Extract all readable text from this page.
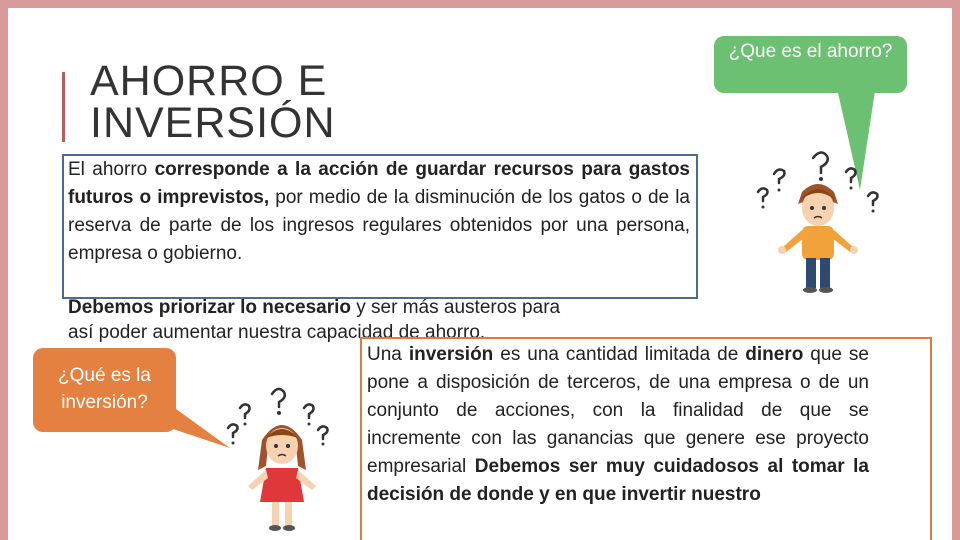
AHORRO E
INVERSIÓN
¿Que es el ahorro?
El ahorro corresponde a la acción de guardar recursos para gastos futuros o imprevistos, por medio de la disminución de los gatos o de la reserva de parte de los ingresos regulares obtenidos por una persona, empresa o gobierno.
Debemos priorizar lo necesario y ser más austeros para
así poder aumentar nuestra capacidad de ahorro.
¿Qué es la inversión?
Una inversión es una cantidad limitada de dinero que se pone a disposición de terceros, de una empresa o de un conjunto de acciones, con la finalidad de que se incremente con las ganancias que genere ese proyecto empresarial Debemos ser muy cuidadosos al tomar la decisión de donde y en que invertir nuestro
